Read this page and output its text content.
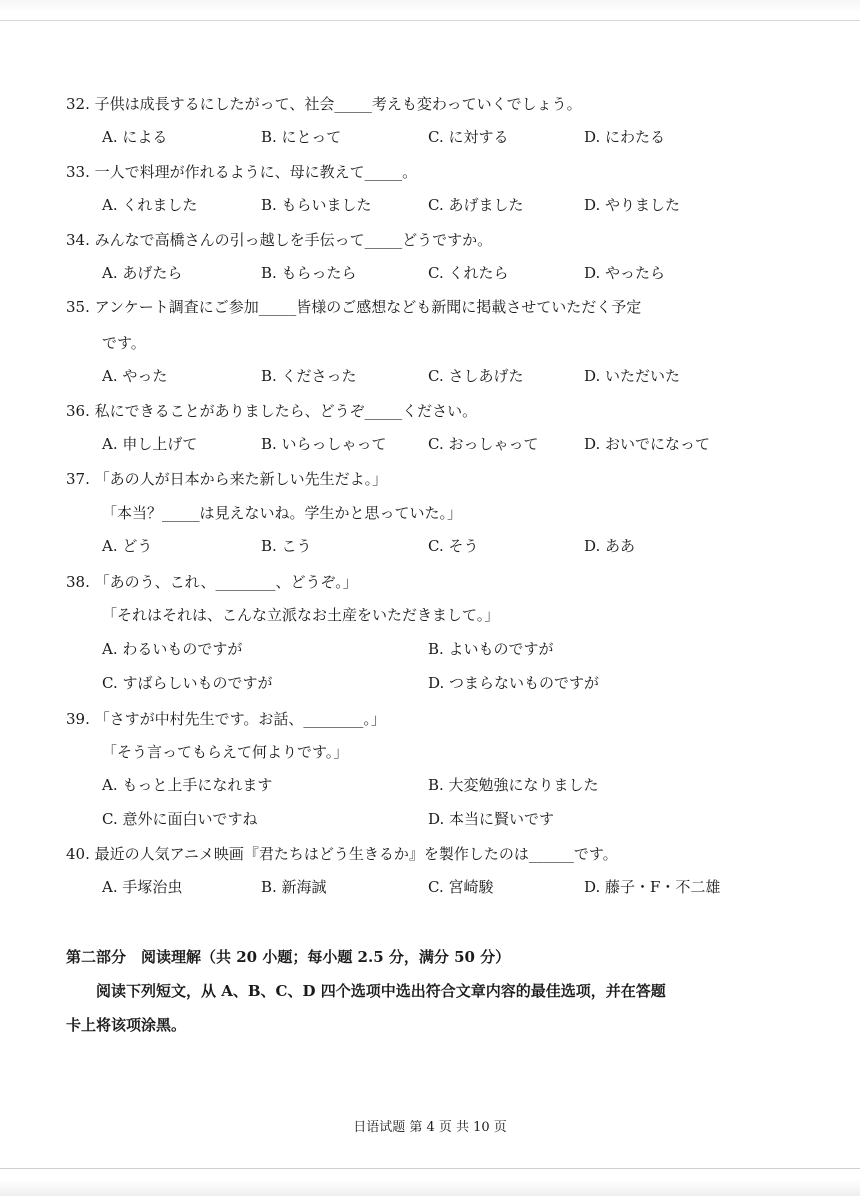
32. 子供は成長するにしたがって、社会_____考えも変わっていくでしょう。
A. による	B. にとって	C. に対する	D. にわたる
33. 一人で料理が作れるように、母に教えて_____。
A. くれました	B. もらいました	C. あげました	D. やりました
34. みんなで高橋さんの引っ越しを手伝って_____どうですか。
A. あげたら	B. もらったら	C. くれたら	D. やったら
35. アンケート調査にご参加_____皆様のご感想なども新聞に掲載させていただく予定
です。
A. やった	B. くださった	C. さしあげた	D. いただいた
36. 私にできることがありましたら、どうぞ_____ください。
A. 申し上げて	B. いらっしゃって	C. おっしゃって	D. おいでになって
37. 「あの人が日本から来た新しい先生だよ。」
「本当？_____は見えないね。学生かと思っていた。」
A. どう	B. こう	C. そう	D. ああ
38. 「あのう、これ、________、どうぞ。」
「それはそれは、こんな立派なお土産をいただきまして。」
A. わるいものですが	B. よいものですが
C. すばらしいものですが	D. つまらないものですが
39. 「さすが中村先生です。お話、________。」
「そう言ってもらえて何よりです。」
A. もっと上手になれます	B. 大変勉強になりました
C. 意外に面白いですね	D. 本当に賢いです
40. 最近の人気アニメ映画『君たちはどう生きるか』を製作したのは______です。
A. 手塚治虫	B. 新海誠	C. 宮崎駿	D. 藤子・F・不二雄
第二部分　阅读理解（共 20 小题；每小题 2.5 分，满分 50 分）
阅读下列短文，从 A、B、C、D 四个选项中选出符合文章内容的最佳选项，并在答题
卡上将该项涂黑。
日语试题 第 4 页 共 10 页
